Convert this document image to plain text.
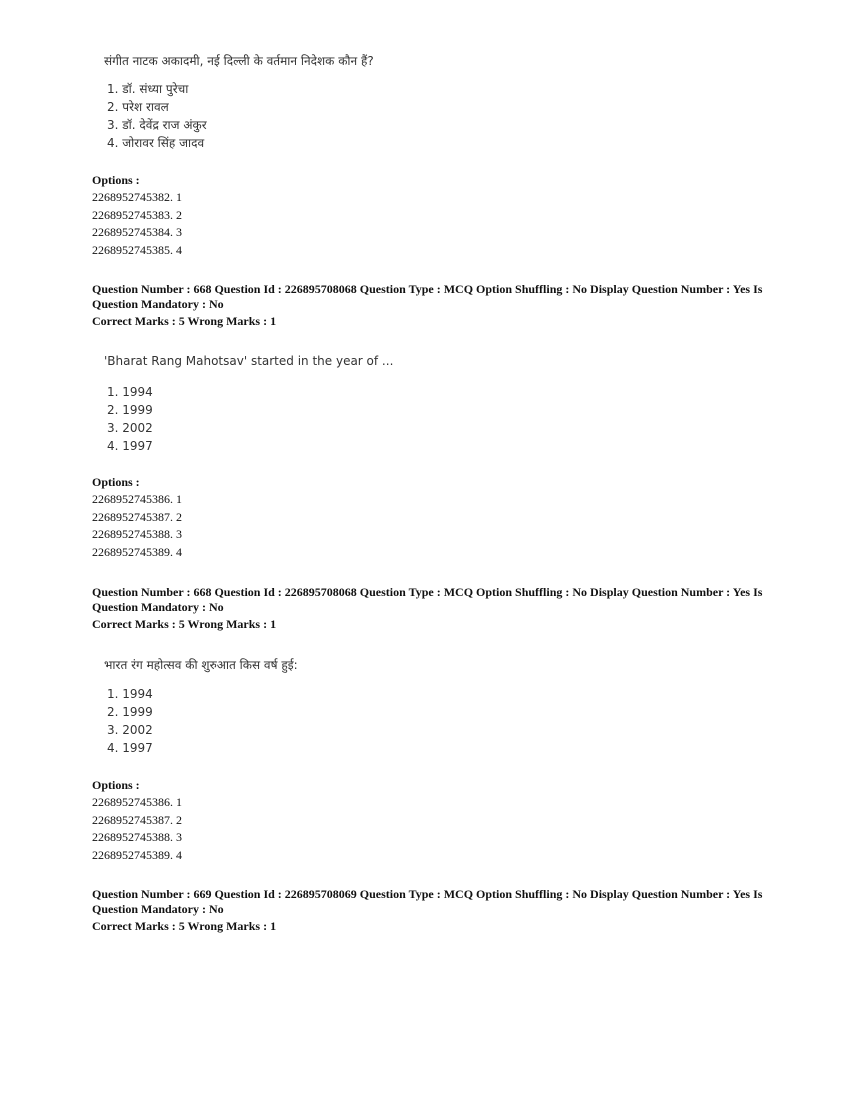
संगीत नाटक अकादमी, नई दिल्ली के वर्तमान निदेशक कौन हैं?
1. डॉ. संध्या पुरेचा
2. परेश रावल
3. डॉ. देवेंद्र राज अंकुर
4. जोरावर सिंह जादव
Options :
2268952745382. 1
2268952745383. 2
2268952745384. 3
2268952745385. 4
Question Number : 668 Question Id : 226895708068 Question Type : MCQ Option Shuffling : No Display Question Number : Yes Is
Question Mandatory : No
Correct Marks : 5 Wrong Marks : 1
'Bharat Rang Mahotsav' started in the year of ...
1. 1994
2. 1999
3. 2002
4. 1997
Options :
2268952745386. 1
2268952745387. 2
2268952745388. 3
2268952745389. 4
Question Number : 668 Question Id : 226895708068 Question Type : MCQ Option Shuffling : No Display Question Number : Yes Is
Question Mandatory : No
Correct Marks : 5 Wrong Marks : 1
भारत रंग महोत्सव की शुरुआत किस वर्ष हुई:
1. 1994
2. 1999
3. 2002
4. 1997
Options :
2268952745386. 1
2268952745387. 2
2268952745388. 3
2268952745389. 4
Question Number : 669 Question Id : 226895708069 Question Type : MCQ Option Shuffling : No Display Question Number : Yes Is
Question Mandatory : No
Correct Marks : 5 Wrong Marks : 1
